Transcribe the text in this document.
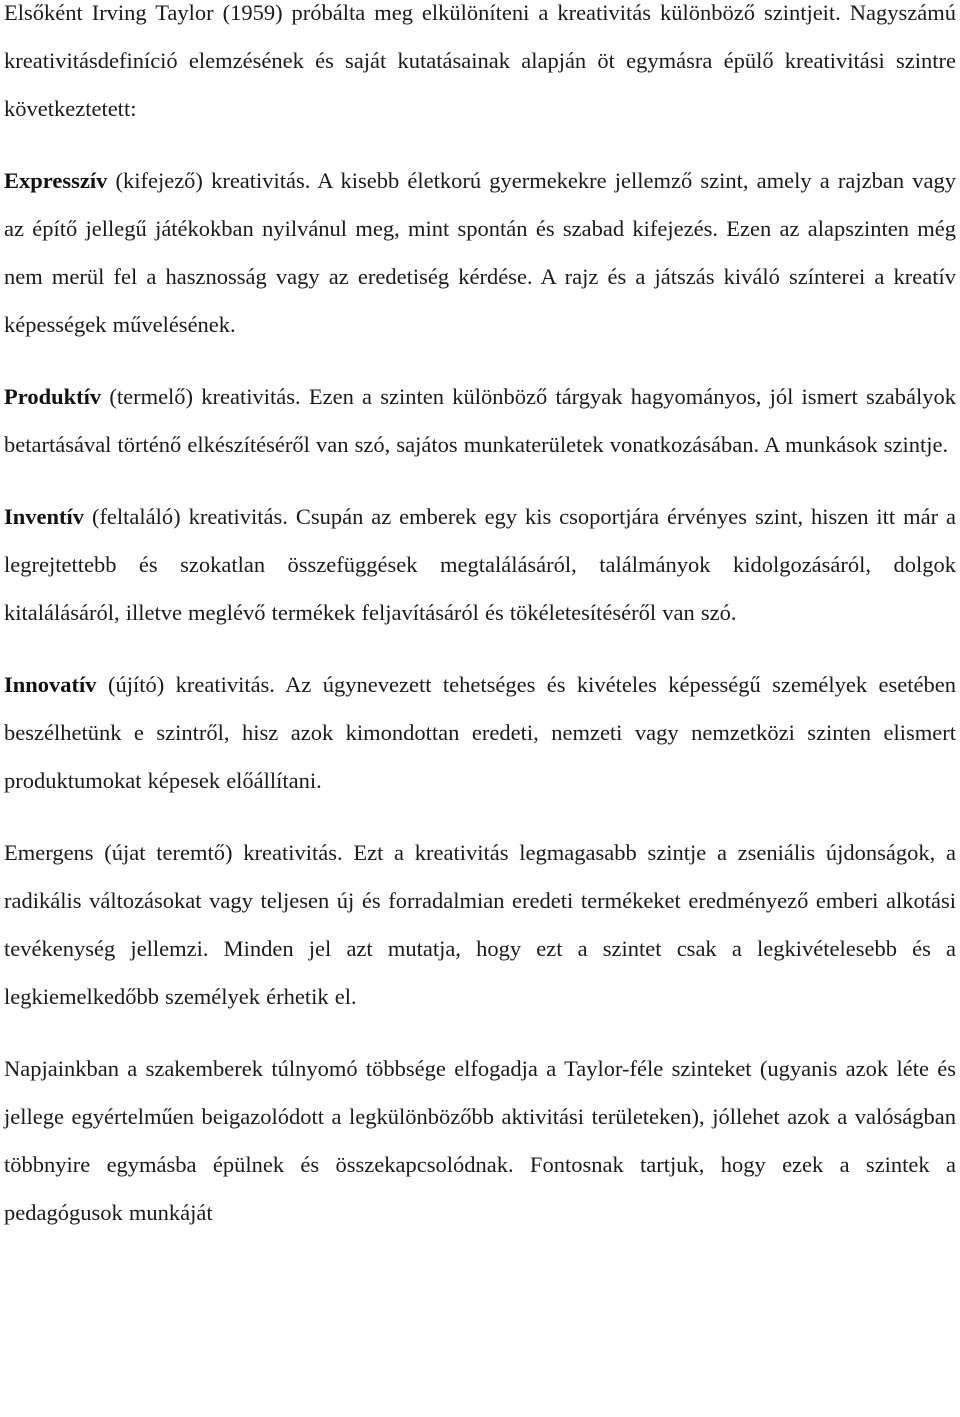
Elsőként Irving Taylor (1959) próbálta meg elkülöníteni a kreativitás különböző szintjeit. Nagyszámú kreativitásdefiníció elemzésének és saját kutatásainak alapján öt egymásra épülő kreativitási szintre következtetett:

Expresszív (kifejező) kreativitás. A kisebb életkorú gyermekekre jellemző szint, amely a rajzban vagy az építő jellegű játékokban nyilvánul meg, mint spontán és szabad kifejezés. Ezen az alapszinten még nem merül fel a hasznosság vagy az eredetiség kérdése. A rajz és a játszás kiváló színterei a kreatív képességek művelésének.

Produktív (termelő) kreativitás. Ezen a szinten különböző tárgyak hagyományos, jól ismert szabályok betartásával történő elkészítéséről van szó, sajátos munkaterületek vonatkozásában. A munkások szintje.

Inventív (feltaláló) kreativitás. Csupán az emberek egy kis csoportjára érvényes szint, hiszen itt már a legrejtettebb és szokatlan összefüggések megtalálásáról, találmányok kidolgozásáról, dolgok kitalálásáról, illetve meglévő termékek feljavításáról és tökéletesítéséről van szó.

Innovatív (újító) kreativitás. Az úgynevezett tehetséges és kivételes képességű személyek esetében beszélhetünk e szintről, hisz azok kimondottan eredeti, nemzeti vagy nemzetközi szinten elismert produktumokat képesek előállítani.

Emergens (újat teremtő) kreativitás. Ezt a kreativitás legmagasabb szintje a zseniális újdonságok, a radikális változásokat vagy teljesen új és forradalmian eredeti termékeket eredményező emberi alkotási tevékenység jellemzi. Minden jel azt mutatja, hogy ezt a szintet csak a legkivételesebb és a legkiemelkedőbb személyek érhetik el.

Napjainkban a szakemberek túlnyomó többsége elfogadja a Taylor-féle szinteket (ugyanis azok léte és jellege egyértelműen beigazolódott a legkülönbözőbb aktivitási területeken), jóllehet azok a valóságban többnyire egymásba épülnek és összekapcsolódnak. Fontosnak tartjuk, hogy ezek a szintek a pedagógusok munkáját
